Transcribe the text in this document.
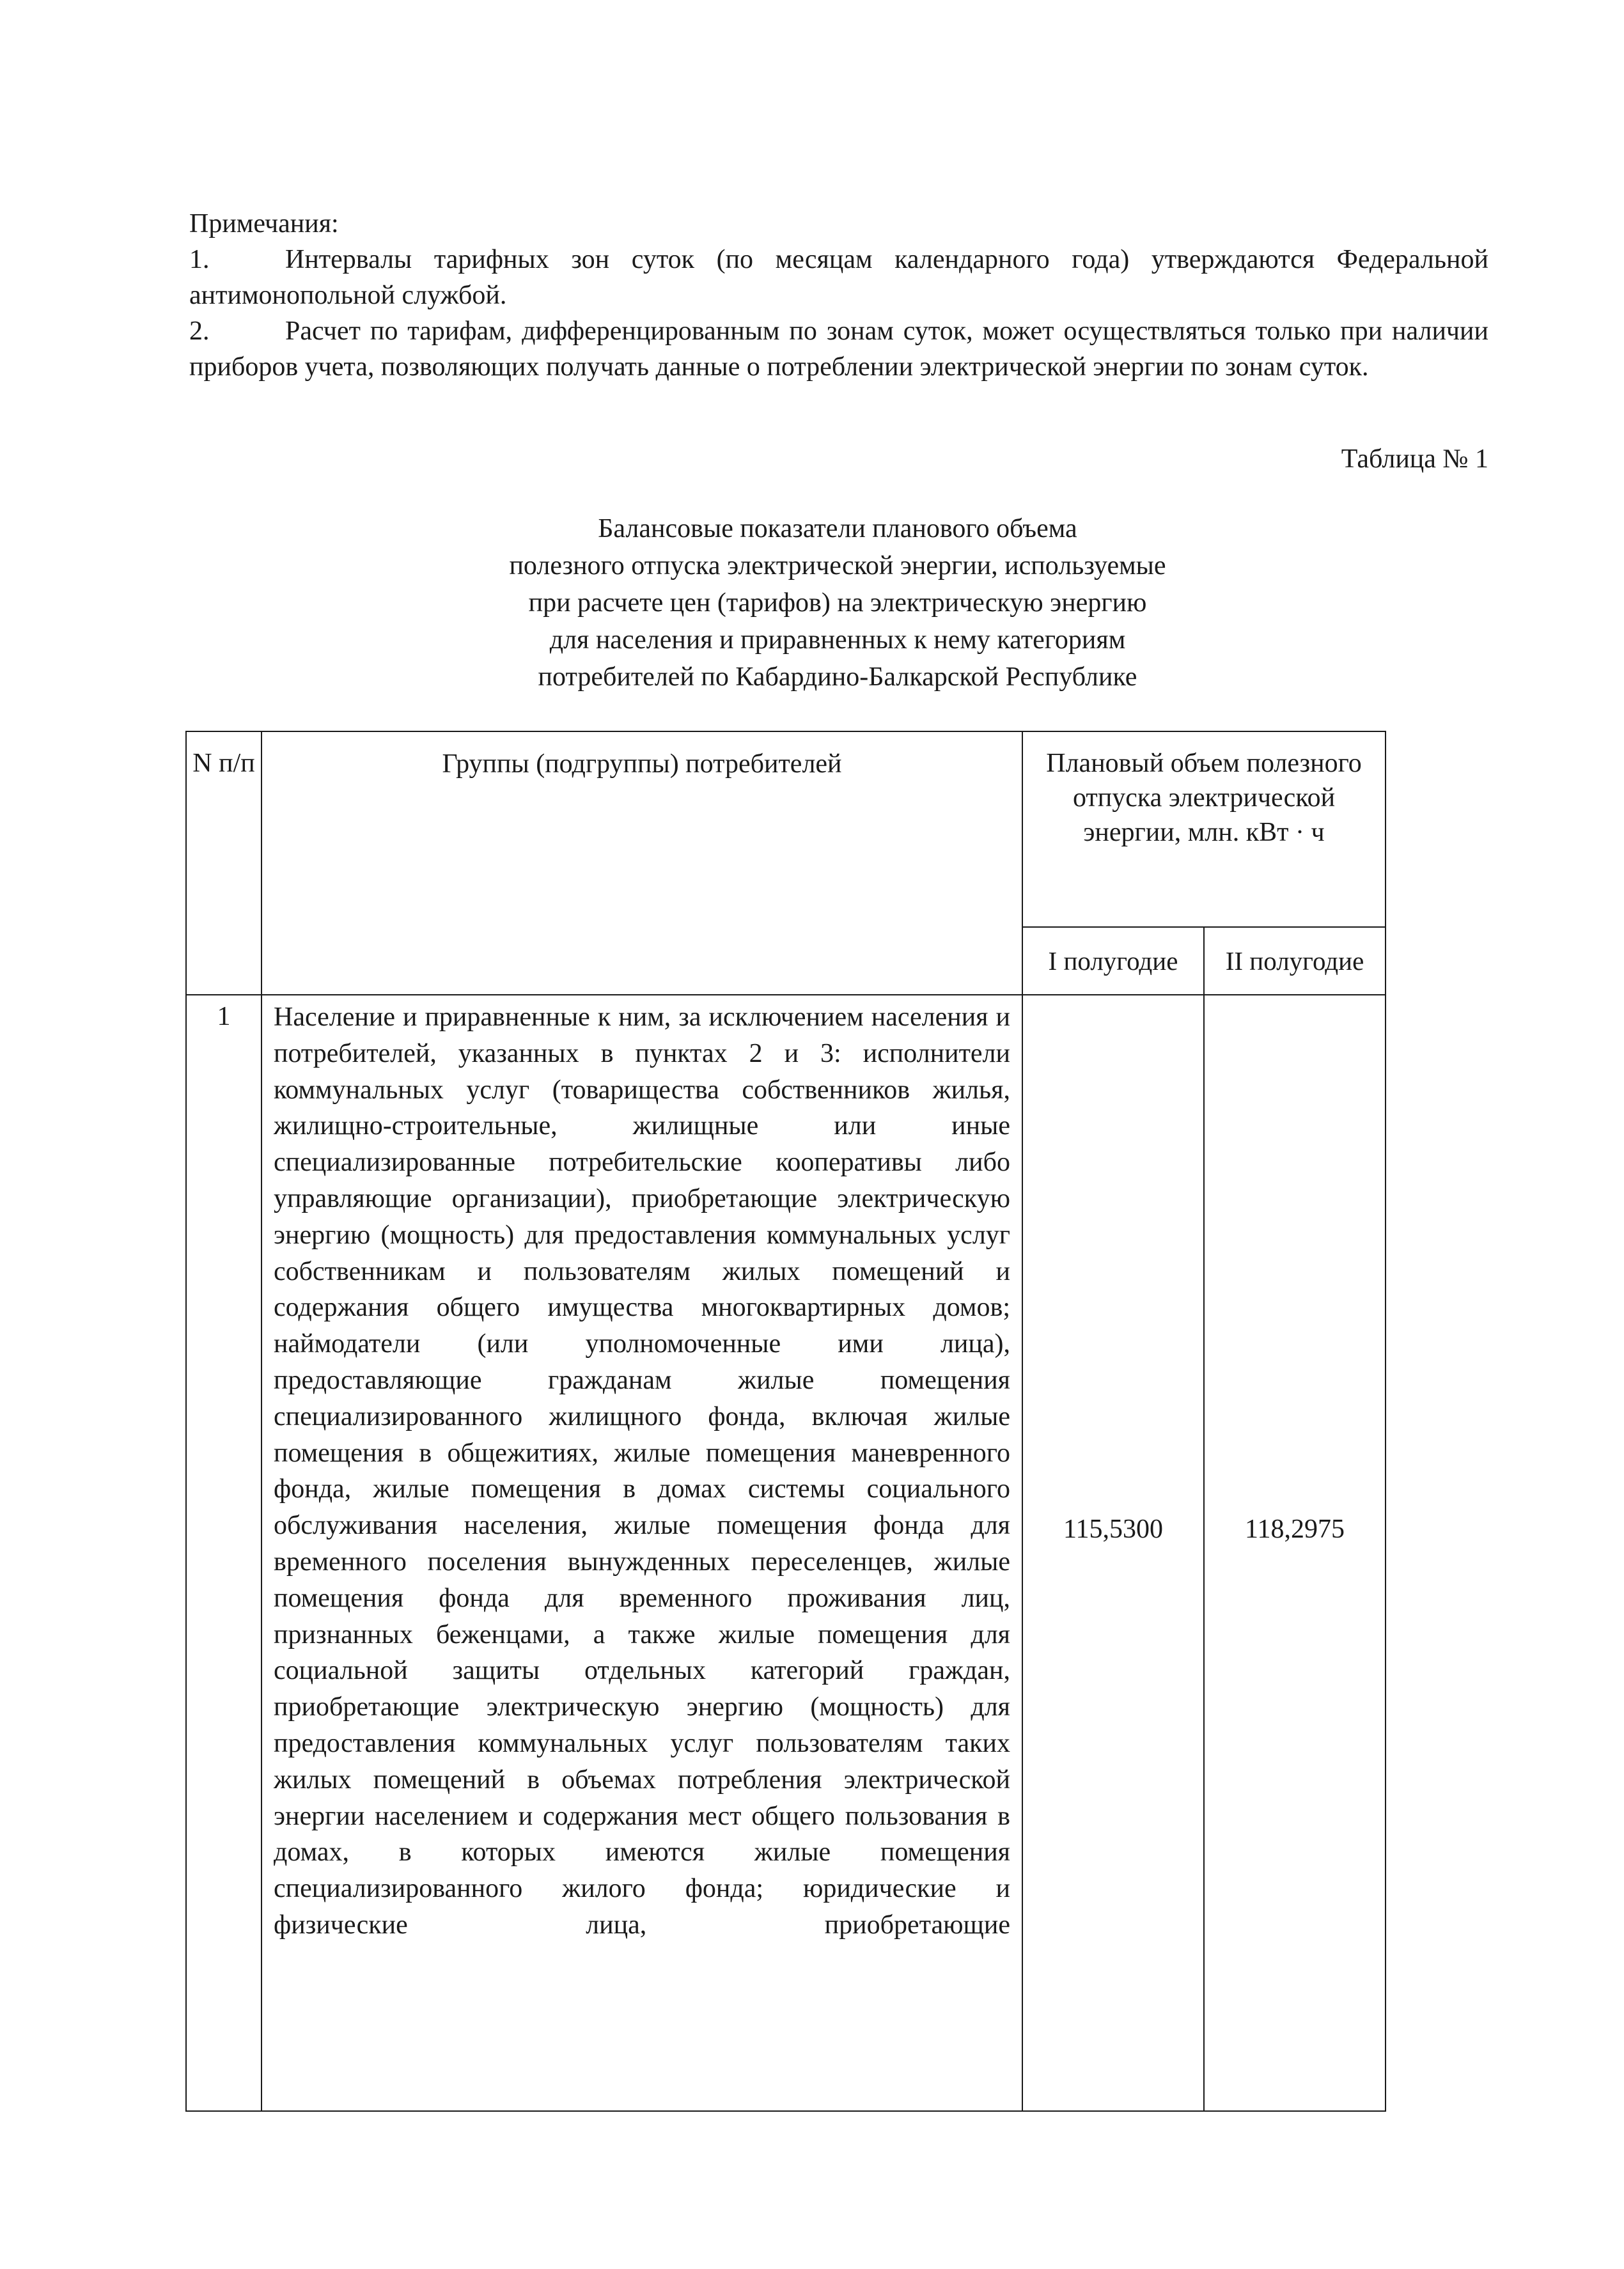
Примечания:

1.	Интервалы тарифных зон суток (по месяцам календарного года) утверждаются Федеральной антимонопольной службой.

2.	Расчет по тарифам, дифференцированным по зонам суток, может осуществляться только при наличии приборов учета, позволяющих получать данные о потреблении электрической энергии по зонам суток.

Таблица № 1
Балансовые показатели планового объема
полезного отпуска электрической энергии, используемые
при расчете цен (тарифов) на электрическую энергию
для населения и приравненных к нему категориям
потребителей по Кабардино-Балкарской Республике
N п/п	Группы (подгруппы) потребителей	Плановый объем полезного отпуска электрической энергии, млн. кВт · ч	
		I полугодие	II полугодие
1	Население и приравненные к ним, за исключением населения и потребителей, указанных в пунктах 2 и 3: исполнители коммунальных услуг (товарищества собственников жилья, жилищно-строительные, жилищные или иные специализированные потребительские кооперативы либо управляющие организации), приобретающие электрическую энергию (мощность) для предоставления коммунальных услуг собственникам и пользователям жилых помещений и содержания общего имущества многоквартирных домов; наймодатели (или уполномоченные ими лица), предоставляющие гражданам жилые помещения специализированного жилищного фонда, включая жилые помещения в общежитиях, жилые помещения маневренного фонда, жилые помещения в домах системы социального обслуживания населения, жилые помещения фонда для временного поселения вынужденных переселенцев, жилые помещения фонда для временного проживания лиц, признанных беженцами, а также жилые помещения для социальной защиты отдельных категорий граждан, приобретающие электрическую энергию (мощность) для предоставления коммунальных услуг пользователям таких жилых помещений в объемах потребления электрической энергии населением и содержания мест общего пользования в домах, в которых имеются жилые помещения специализированного жилого фонда; юридические и физические лица, приобретающие	115,5300	118,2975
